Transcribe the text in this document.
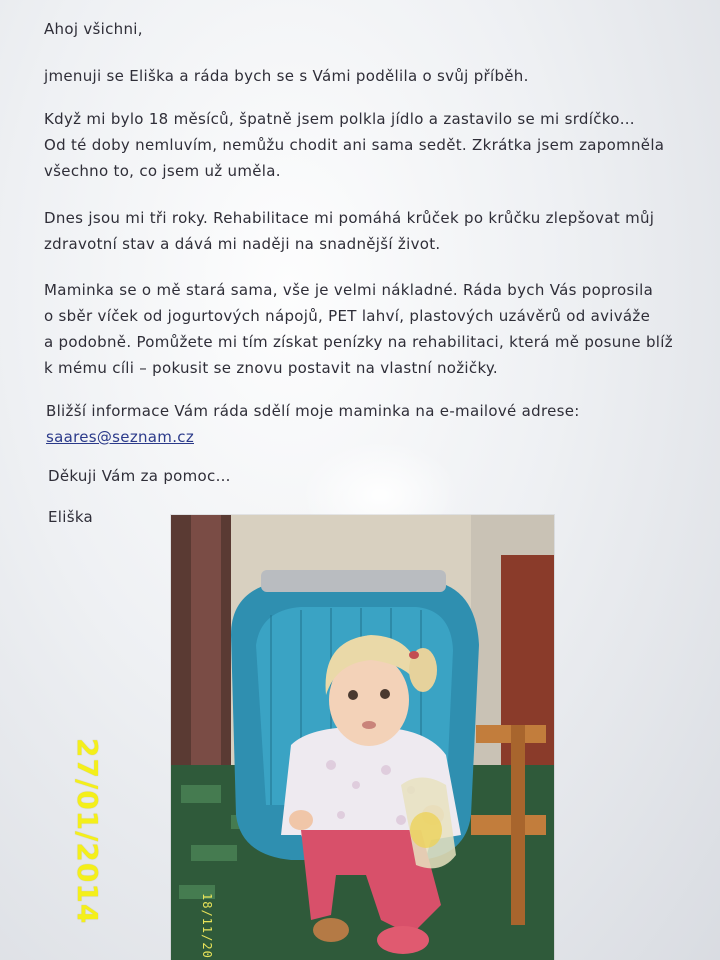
Ahoj všichni,
jmenuji se Eliška a ráda bych se s Vámi podělila o svůj příběh.
Když mi bylo 18 měsíců, špatně jsem polkla jídlo a zastavilo se mi srdíčko…
Od té doby nemluvím, nemůžu chodit ani sama sedět. Zkrátka jsem zapomněla
všechno to, co jsem už uměla.
Dnes jsou mi tři roky. Rehabilitace mi pomáhá krůček po krůčku zlepšovat můj
zdravotní stav a dává mi naději na snadnější život.
Maminka se o mě stará sama, vše je velmi nákladné. Ráda bych Vás poprosila
o sběr víček od jogurtových nápojů, PET lahví, plastových uzávěrů od aviváže
a podobně. Pomůžete mi tím získat penízky na rehabilitaci, která mě posune blíž
k mému cíli – pokusit se znovu postavit na vlastní nožičky.
Bližší informace Vám ráda sdělí moje maminka na e-mailové adrese:
saares@seznam.cz
Děkuji Vám za pomoc…
Eliška
18/11/20
27/01/2014
